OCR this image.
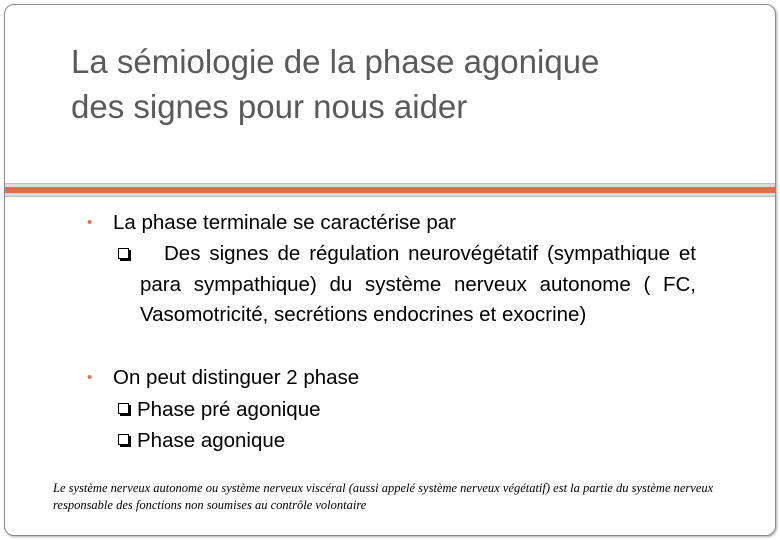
La sémiologie de la phase agonique
des signes pour nous aider
• La phase terminale se caractérise par
Des signes de régulation neurovégétatif (sympathique et para sympathique) du système nerveux autonome ( FC, Vasomotricité, secrétions endocrines et exocrine)
• On peut distinguer 2 phase
Phase pré agonique
Phase agonique
Le système nerveux autonome ou système nerveux viscéral (aussi appelé système nerveux végétatif) est la partie du système nerveux responsable des fonctions non soumises au contrôle volontaire
